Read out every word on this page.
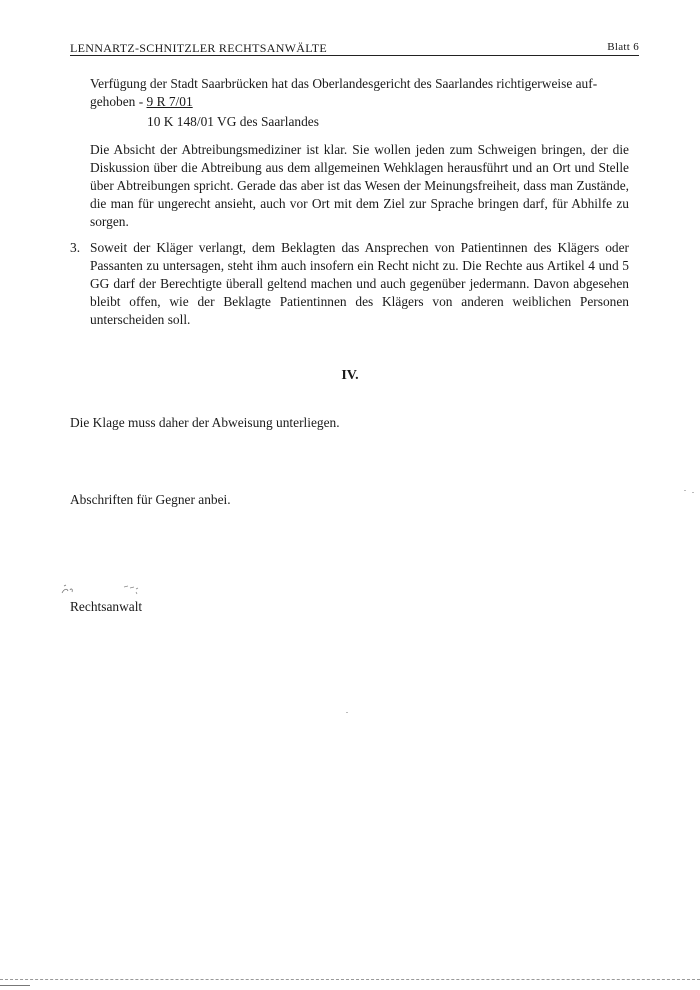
LENNARTZ-SCHNITZLER RECHTSANWÄLTE	Blatt 6
Verfügung der Stadt Saarbrücken hat das Oberlandesgericht des Saarlandes richtigerweise auf-
gehoben - 9 R 7/01
10 K 148/01 VG des Saarlandes
Die Absicht der Abtreibungsmediziner ist klar. Sie wollen jeden zum Schweigen bringen, der die Diskussion über die Abtreibung aus dem allgemeinen Wehklagen herausführt und an Ort und Stelle über Abtreibungen spricht. Gerade das aber ist das Wesen der Meinungsfreiheit, dass man Zustände, die man für ungerecht ansieht, auch vor Ort mit dem Ziel zur Sprache bringen darf, für Abhilfe zu sorgen.
3. Soweit der Kläger verlangt, dem Beklagten das Ansprechen von Patientinnen des Klägers oder Passanten zu untersagen, steht ihm auch insofern ein Recht nicht zu. Die Rechte aus Artikel 4 und 5 GG darf der Berechtigte überall geltend machen und auch gegenüber jedermann. Davon abgesehen bleibt offen, wie der Beklagte Patientinnen des Klägers von anderen weiblichen Personen unterscheiden soll.
IV.
Die Klage muss daher der Abweisung unterliegen.
Abschriften für Gegner anbei.
Rechtsanwalt
